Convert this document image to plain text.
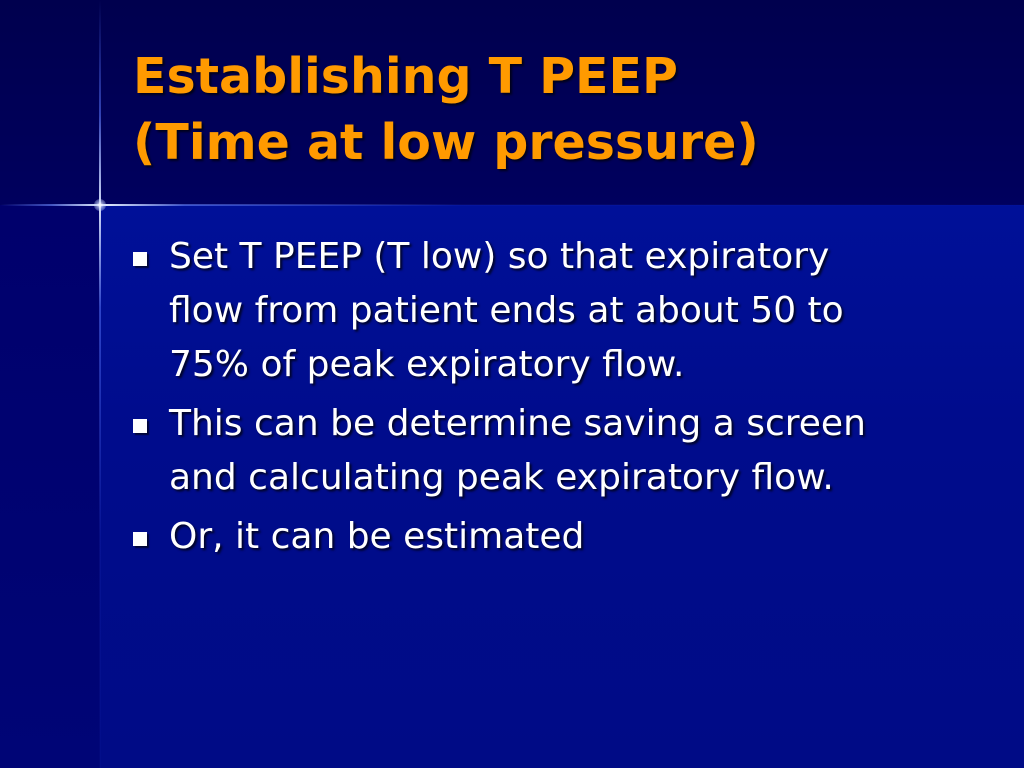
Establishing T PEEP
(Time at low pressure)
Set T PEEP (T low) so that expiratory
flow from patient ends at about 50 to
75% of peak expiratory flow.
This can be determine saving a screen
and calculating peak expiratory flow.
Or, it can be estimated
